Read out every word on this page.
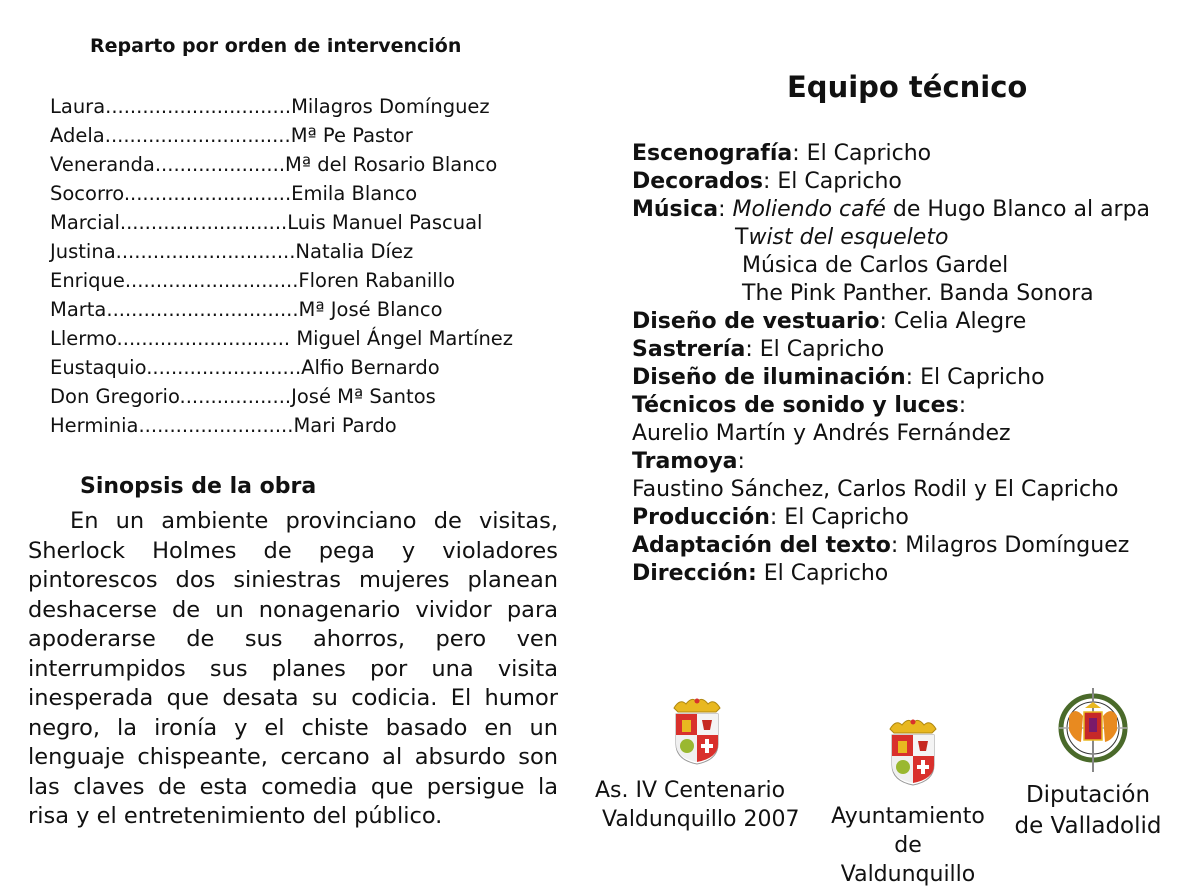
Reparto por orden de intervención
Laura..............................Milagros Domínguez
Adela..............................Mª Pe Pastor
Veneranda.....................Mª del Rosario Blanco
Socorro...........................Emila Blanco
Marcial...........................Luis Manuel Pascual
Justina.............................Natalia Díez
Enrique............................Floren Rabanillo
Marta...............................Mª José Blanco
Llermo............................ Miguel Ángel Martínez
Eustaquio.........................Alfio Bernardo
Don Gregorio..................José Mª Santos
Herminia.........................Mari Pardo
Sinopsis de la obra
En un ambiente provinciano de visitas, Sherlock Holmes de pega y violadores pintorescos dos siniestras mujeres planean deshacerse de un nonagenario vividor para apoderarse de sus ahorros, pero ven interrumpidos sus planes por una visita inesperada que desata su codicia. El humor negro, la ironía y el chiste basado en un lenguaje chispeante, cercano al absurdo son las claves de esta comedia que persigue la risa y el entretenimiento del público.
Equipo técnico
Escenografía: El Capricho
Decorados: El Capricho
Música: Moliendo café de Hugo Blanco al arpa
Twist del esqueleto
Música de Carlos Gardel
The Pink Panther. Banda Sonora
Diseño de vestuario: Celia Alegre
Sastrería: El Capricho
Diseño de iluminación: El Capricho
Técnicos de sonido y luces:
Aurelio Martín y Andrés Fernández
Tramoya:
Faustino Sánchez, Carlos Rodil y El Capricho
Producción: El Capricho
Adaptación del texto: Milagros Domínguez
Dirección: El Capricho
As. IV Centenario
Valdunquillo 2007 Ayuntamiento
de
Valdunquillo
Diputación
de Valladolid
